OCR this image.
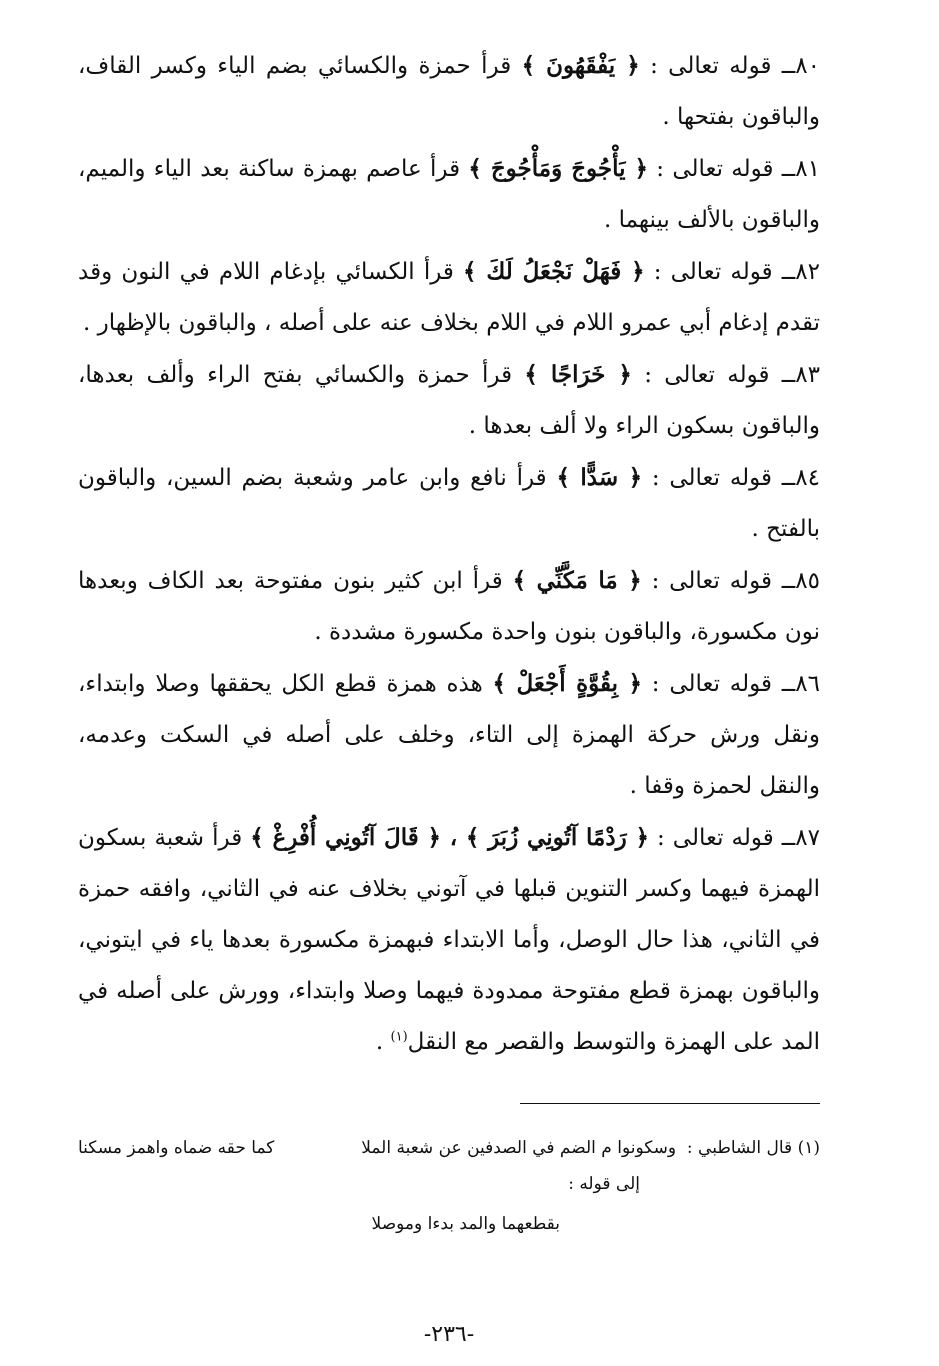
٨٠ــ قوله تعالى : ﴿ يَفْقَهُونَ ﴾ قرأ حمزة والكسائي بضم الياء وكسر القاف، والباقون بفتحها .

٨١ــ قوله تعالى : ﴿ يَأْجُوجَ وَمَأْجُوجَ ﴾ قرأ عاصم بهمزة ساكنة بعد الياء والميم، والباقون بالألف بينهما .

٨٢ــ قوله تعالى : ﴿ فَهَلْ نَجْعَلُ لَكَ ﴾ قرأ الكسائي بإدغام اللام في النون وقد تقدم إدغام أبي عمرو اللام في اللام بخلاف عنه على أصله ، والباقون بالإظهار .

٨٣ــ قوله تعالى : ﴿ خَرَاجًا ﴾ قرأ حمزة والكسائي بفتح الراء وألف بعدها، والباقون بسكون الراء ولا ألف بعدها .

٨٤ــ قوله تعالى : ﴿ سَدًّا ﴾ قرأ نافع وابن عامر وشعبة بضم السين، والباقون بالفتح .

٨٥ــ قوله تعالى : ﴿ مَا مَكَّنِّي ﴾ قرأ ابن كثير بنون مفتوحة بعد الكاف وبعدها نون مكسورة، والباقون بنون واحدة مكسورة مشددة .

٨٦ــ قوله تعالى : ﴿ بِقُوَّةٍ أَجْعَلْ ﴾ هذه همزة قطع الكل يحققها وصلا وابتداء، ونقل ورش حركة الهمزة إلى التاء، وخلف على أصله في السكت وعدمه، والنقل لحمزة وقفا .

٨٧ــ قوله تعالى : ﴿ رَدْمًا آتُونِي زُبَرَ ﴾ ، ﴿ قَالَ آتُونِي أُفْرِغْ ﴾ قرأ شعبة بسكون الهمزة فيهما وكسر التنوين قبلها في آتوني بخلاف عنه في الثاني، وافقه حمزة في الثاني، هذا حال الوصل، وأما الابتداء فبهمزة مكسورة بعدها ياء في ايتوني، والباقون بهمزة قطع مفتوحة ممدودة فيهما وصلا وابتداء، وورش على أصله في المد على الهمزة والتوسط والقصر مع النقل$^{(١)}$ .

(١) قال الشاطبي :  وسكونوا م الضم في الصدفين عن شعبة الملا
كما حقه ضماه واهمز مسكنا
إلى قوله :
بقطعهما والمد بدءا وموصلا
-٢٣٦-
